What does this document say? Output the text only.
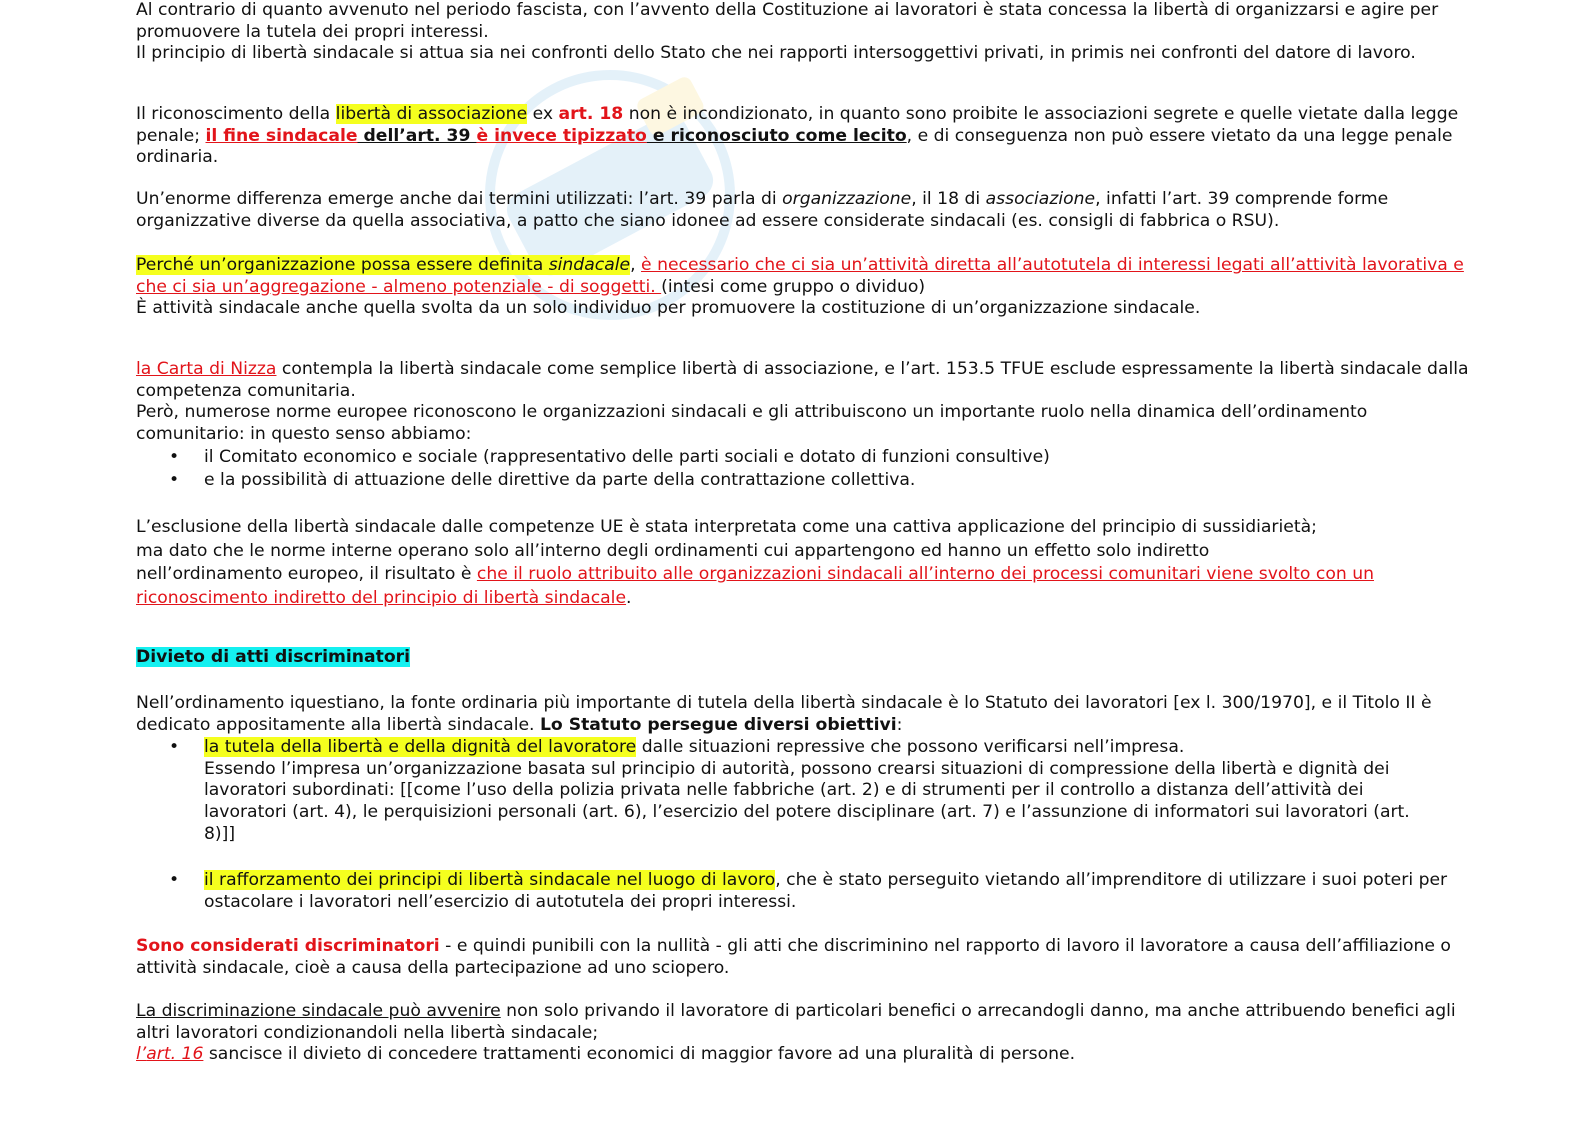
Al contrario di quanto avvenuto nel periodo fascista, con l’avvento della Costituzione ai lavoratori è stata concessa la libertà di organizzarsi e agire per promuovere la tutela dei propri interessi.
Il principio di libertà sindacale si attua sia nei confronti dello Stato che nei rapporti intersoggettivi privati, in primis nei confronti del datore di lavoro.

Il riconoscimento della libertà di associazione ex art. 18 non è incondizionato, in quanto sono proibite le associazioni segrete e quelle vietate dalla legge penale; il fine sindacale dell’art. 39 è invece tipizzato e riconosciuto come lecito, e di conseguenza non può essere vietato da una legge penale ordinaria.

Un’enorme differenza emerge anche dai termini utilizzati: l’art. 39 parla di organizzazione, il 18 di associazione, infatti l’art. 39 comprende forme organizzative diverse da quella associativa, a patto che siano idonee ad essere considerate sindacali (es. consigli di fabbrica o RSU).

Perché un’organizzazione possa essere definita sindacale, è necessario che ci sia un’attività diretta all’autotutela di interessi legati all’attività lavorativa e che ci sia un’aggregazione - almeno potenziale - di soggetti. (intesi come gruppo o dividuo)
È attività sindacale anche quella svolta da un solo individuo per promuovere la costituzione di un’organizzazione sindacale.

la Carta di Nizza contempla la libertà sindacale come semplice libertà di associazione, e l’art. 153.5 TFUE esclude espressamente la libertà sindacale dalla competenza comunitaria.
Però, numerose norme europee riconoscono le organizzazioni sindacali e gli attribuiscono un importante ruolo nella dinamica dell’ordinamento comunitario: in questo senso abbiamo:
• il Comitato economico e sociale (rappresentativo delle parti sociali e dotato di funzioni consultive)
• e la possibilità di attuazione delle direttive da parte della contrattazione collettiva.

L’esclusione della libertà sindacale dalle competenze UE è stata interpretata come una cattiva applicazione del principio di sussidiarietà;
ma dato che le norme interne operano solo all’interno degli ordinamenti cui appartengono ed hanno un effetto solo indiretto
nell’ordinamento europeo, il risultato è che il ruolo attribuito alle organizzazioni sindacali all’interno dei processi comunitari viene svolto con un riconoscimento indiretto del principio di libertà sindacale.

Divieto di atti discriminatori

Nell’ordinamento iquestiano, la fonte ordinaria più importante di tutela della libertà sindacale è lo Statuto dei lavoratori [ex l. 300/1970], e il Titolo II è dedicato appositamente alla libertà sindacale. Lo Statuto persegue diversi obiettivi:
• la tutela della libertà e della dignità del lavoratore dalle situazioni repressive che possono verificarsi nell’impresa.
Essendo l’impresa un’organizzazione basata sul principio di autorità, possono crearsi situazioni di compressione della libertà e dignità dei lavoratori subordinati: [[come l’uso della polizia privata nelle fabbriche (art. 2) e di strumenti per il controllo a distanza dell’attività dei lavoratori (art. 4), le perquisizioni personali (art. 6), l’esercizio del potere disciplinare (art. 7) e l’assunzione di informatori sui lavoratori (art. 8)]]
• il rafforzamento dei principi di libertà sindacale nel luogo di lavoro, che è stato perseguito vietando all’imprenditore di utilizzare i suoi poteri per ostacolare i lavoratori nell’esercizio di autotutela dei propri interessi.

Sono considerati discriminatori - e quindi punibili con la nullità - gli atti che discriminino nel rapporto di lavoro il lavoratore a causa dell’affiliazione o attività sindacale, cioè a causa della partecipazione ad uno sciopero.

La discriminazione sindacale può avvenire non solo privando il lavoratore di particolari benefici o arrecandogli danno, ma anche attribuendo benefici agli altri lavoratori condizionandoli nella libertà sindacale;
l’art. 16 sancisce il divieto di concedere trattamenti economici di maggior favore ad una pluralità di persone.
